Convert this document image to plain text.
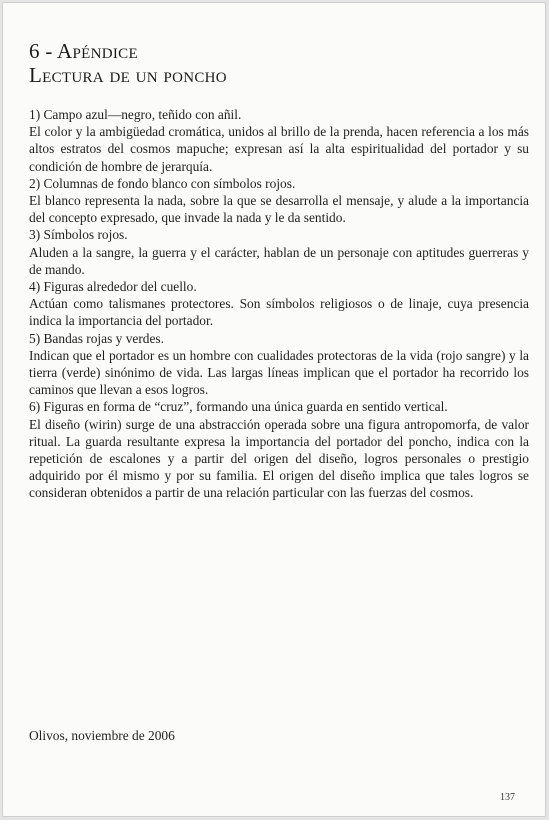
6 - Apéndice
Lectura de un poncho

1) Campo azul—negro, teñido con añil.

El color y la ambigüedad cromática, unidos al brillo de la prenda, hacen referencia a los más altos estratos del cosmos mapuche; expresan así la alta espiritualidad del portador y su condición de hombre de jerarquía.

2) Columnas de fondo blanco con símbolos rojos.

El blanco representa la nada, sobre la que se desarrolla el mensaje, y alude a la importancia del concepto expresado, que invade la nada y le da sentido.

3) Símbolos rojos.

Aluden a la sangre, la guerra y el carácter, hablan de un personaje con aptitudes guerreras y de mando.

4) Figuras alrededor del cuello.

Actúan como talismanes protectores. Son símbolos religiosos o de linaje, cuya presencia indica la importancia del portador.

5) Bandas rojas y verdes.

Indican que el portador es un hombre con cualidades protectoras de la vida (rojo sangre) y la tierra (verde) sinónimo de vida. Las largas líneas implican que el portador ha recorrido los caminos que llevan a esos logros.

6) Figuras en forma de “cruz”, formando una única guarda en sentido vertical.

El diseño (wirin) surge de una abstracción operada sobre una figura antropomorfa, de valor ritual. La guarda resultante expresa la importancia del portador del poncho, indica con la repetición de escalones y a partir del origen del diseño, logros personales o prestigio adquirido por él mismo y por su familia. El origen del diseño implica que tales logros se consideran obtenidos a partir de una relación particular con las fuerzas del cosmos.

Olivos, noviembre de 2006
137
